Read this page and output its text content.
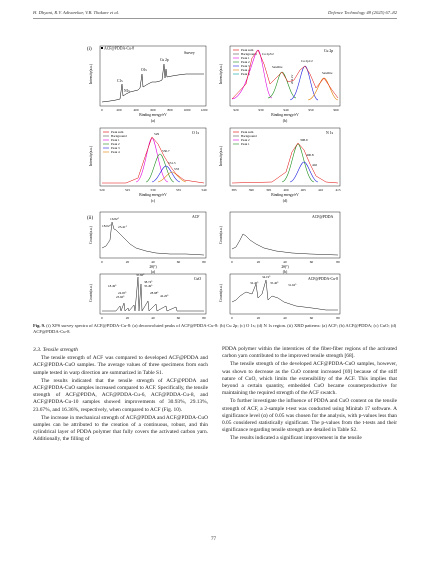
H. Dhyani, R.V. Adivarekar, V.B. Thakare et al.	Defence Technology 48 (2025) 67–82
(i)
(ii)
Intensity(a.u.)
0	200	400	600	800	1000	1200
Binding energy/eV
(a)
ACF@PDDA-Cu-8
Survey
C1s
N1s
O1s
Cu 2p
Intensity(a.u.)
920	930	940	950	960
Binding energy/eV
(b)
Cu 2p
Peak sum
Background
Peak 1
Peak 2
Peak 3
Peak 4
Peak 5
Cu 2p3/2
Satellite
Cu 2p1/2
Satellite
20.2 eV
Intensity(a.u.)
520	525	530	535	540
Binding energy/eV
(c)
O 1s
Peak sum
Background
Peak 1
Peak 2
Peak 3
Peak 4
529
530.7
531.5
533
Intensity(a.u.)
385	390	395	400	405	410	415
Binding energy/eV
(d)
N 1s
Peak sum
Background
Peak 2
Peak 1
398.9
400.8
402
Counts(a.u.)
0	20	40	60	80
2θ(°)
(a)
ACF
16.82°
18.02° 25.41°	Counts(a.u.)
0	20	40	60	80
2θ(°)
(b)
ACF@PDDA
Counts(a.u.)
0	20	40	60	80
CuO
35.60°
38.74°
35.49°
18.49°
24.95°
23.60°
28.98°
42.20°	Counts(a.u.)
0	20	40	60	80
ACF@PDDA-Cu-8
34.19°
32.46°	35.40°	31.62°
Fig. 9. (i) XPS survey spectra of ACF@PDDA-Cu-8: (a) deconvoluted peaks of ACF@PDDA-Cu-8: (b) Cu 2p; (c) O 1s; (d) N 1s region. (ii) XRD patterns: (a) ACF; (b) ACF@PDDA; (c) CuO; (d) ACF@PDDA-Cu-8.

3.3. Tensile strength

The tensile strength of ACF was compared to developed ACF@PDDA and ACF@PDDA-CuO samples. The average values of three specimens from each sample tested in warp direction are summarized in Table S1.

The results indicated that the tensile strength of ACF@PDDA and ACF@PDDA-CuO samples increased compared to ACF. Specifically, the tensile strength of ACF@PDDA, ACF@PDDA-Cu-6, ACF@PDDA-Cu-8, and ACF@PDDA-Cu-10 samples showed improvements of 30.93%, 29.13%, 23.67%, and 16.36%, respectively, when compared to ACF (Fig. 10).

The increase in mechanical strength of ACF@PDDA and ACF@PDDA-CuO samples can be attributed to the creation of a continuous, robust, and thin cylindrical layer of PDDA polymer that fully covers the activated carbon yarn. Additionally, the filling of

PDDA polymer within the interstices of the fiber-fiber regions of the activated carbon yarn contributed to the improved tensile strength [68].

The tensile strength of the developed ACF@PDDA-CuO samples, however, was shown to decrease as the CuO content increased [69] because of the stiff nature of CuO, which limits the extensibility of the ACF. This implies that beyond a certain quantity, embedded CuO became counterproductive for maintaining the required strength of the ACF swatch.

To further investigate the influence of PDDA and CuO content on the tensile strength of ACF, a 2-sample t-test was conducted using Minitab 17 software. A significance level (α) of 0.05 was chosen for the analysis, with p-values less than 0.05 considered statistically significant. The p-values from the t-tests and their significance regarding tensile strength are detailed in Table S2.

The results indicated a significant improvement in the tensile

77
